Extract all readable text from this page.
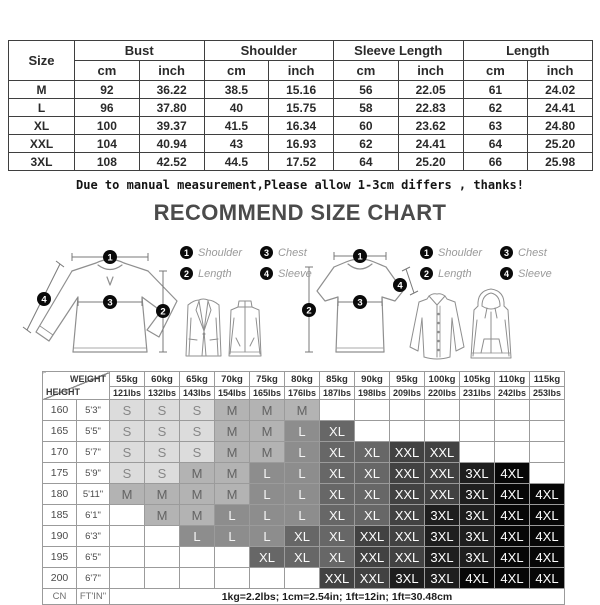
Size	Bust		Shoulder		Sleeve Length		Length	
	cm	inch	cm	inch	cm	inch	cm	inch
M	92	36.22	38.5	15.16	56	22.05	61	24.02
L	96	37.80	40	15.75	58	22.83	62	24.41
XL	100	39.37	41.5	16.34	60	23.62	63	24.80
XXL	104	40.94	43	16.93	62	24.41	64	25.20
3XL	108	42.52	44.5	17.52	64	25.20	66	25.98
Due to manual measurement,Please allow 1-3cm differs , thanks!
RECOMMEND SIZE CHART
1
3
2
4
1
3
2
4
1 Shoulder	3 Chest
2 Length	4 Sleeve
1 Shoulder	3 Chest
2 Length	4 Sleeve
WEIGHT
HEIGHT		55kg	60kg	65kg	70kg	75kg	80kg	85kg	90kg	95kg	100kg	105kg	110kg	115kg
		121lbs	132lbs	143lbs	154lbs	165lbs	176lbs	187lbs	198lbs	209lbs	220lbs	231lbs	242lbs	253lbs
160	5'3"	S	S	S	M	M	M							
165	5'5"	S	S	S	M	M	L	XL						
170	5'7"	S	S	S	M	M	L	XL	XL	XXL	XXL			
175	5'9"	S	S	M	M	L	L	XL	XL	XXL	XXL	3XL	4XL	
180	5'11"	M	M	M	M	L	L	XL	XL	XXL	XXL	3XL	4XL	4XL
185	6'1"		M	M	L	L	L	XL	XL	XXL	3XL	3XL	4XL	4XL
190	6'3"			L	L	L	XL	XL	XXL	XXL	3XL	3XL	4XL	4XL
195	6'5"					XL	XL	XL	XXL	XXL	3XL	3XL	4XL	4XL
200	6'7"							XXL	XXL	3XL	3XL	4XL	4XL	4XL
CN	FT'IN"	1kg=2.2lbs; 1cm=2.54in; 1ft=12in; 1ft=30.48cm												
